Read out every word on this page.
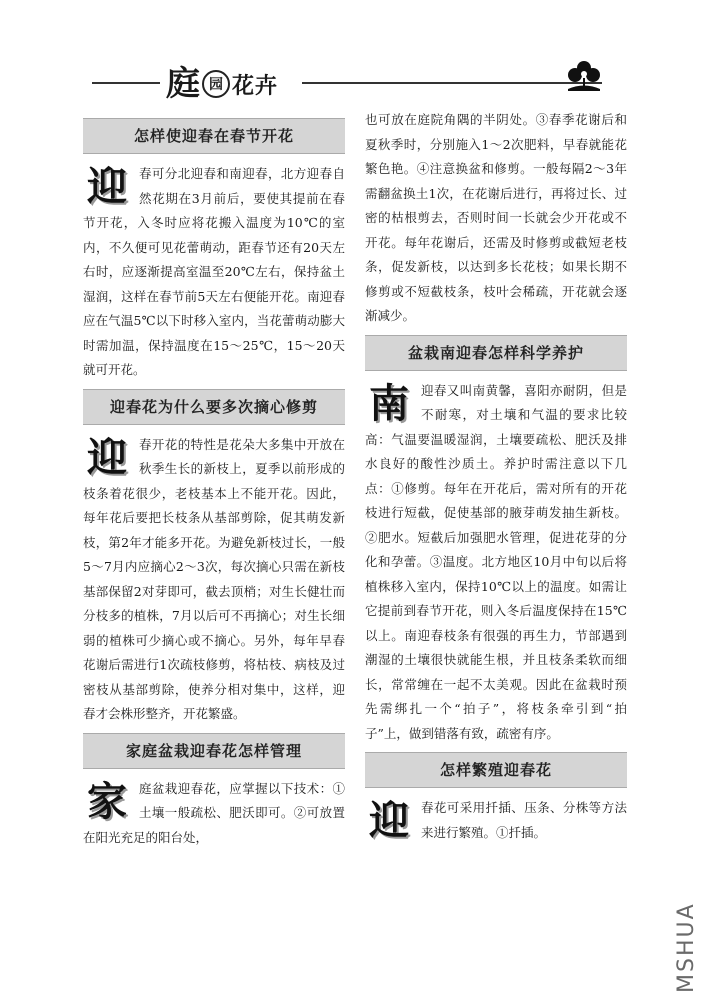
庭 园 花卉
怎样使迎春在春节开花

迎春可分北迎春和南迎春，北方迎春自然花期在3月前后，要使其提前在春节开花，入冬时应将花搬入温度为10℃的室内，不久便可见花蕾萌动，距春节还有20天左右时，应逐渐提高室温至20℃左右，保持盆土湿润，这样在春节前5天左右便能开花。南迎春应在气温5℃以下时移入室内，当花蕾萌动膨大时需加温，保持温度在15～25℃，15～20天就可开花。

迎春花为什么要多次摘心修剪

迎春开花的特性是花朵大多集中开放在秋季生长的新枝上，夏季以前形成的枝条着花很少，老枝基本上不能开花。因此，每年花后要把长枝条从基部剪除，促其萌发新枝，第2年才能多开花。为避免新枝过长，一般5～7月内应摘心2～3次，每次摘心只需在新枝基部保留2对芽即可，截去顶梢；对生长健壮而分枝多的植株，7月以后可不再摘心；对生长细弱的植株可少摘心或不摘心。另外，每年早春花谢后需进行1次疏枝修剪，将枯枝、病枝及过密枝从基部剪除，使养分相对集中，这样，迎春才会株形整齐，开花繁盛。

家庭盆栽迎春花怎样管理

家庭盆栽迎春花，应掌握以下技术：①土壤一般疏松、肥沃即可。②可放置在阳光充足的阳台处，

也可放在庭院角隅的半阴处。③春季花谢后和夏秋季时，分别施入1～2次肥料，早春就能花繁色艳。④注意换盆和修剪。一般每隔2～3年需翻盆换土1次，在花谢后进行，再将过长、过密的枯根剪去，否则时间一长就会少开花或不开花。每年花谢后，还需及时修剪或截短老枝条，促发新枝，以达到多长花枝；如果长期不修剪或不短截枝条，枝叶会稀疏，开花就会逐渐减少。

盆栽南迎春怎样科学养护

南迎春又叫南黄馨，喜阳亦耐阴，但是不耐寒，对土壤和气温的要求比较高：气温要温暖湿润，土壤要疏松、肥沃及排水良好的酸性沙质土。养护时需注意以下几点：①修剪。每年在开花后，需对所有的开花枝进行短截，促使基部的腋芽萌发抽生新枝。②肥水。短截后加强肥水管理，促进花芽的分化和孕蕾。③温度。北方地区10月中旬以后将植株移入室内，保持10℃以上的温度。如需让它提前到春节开花，则入冬后温度保持在15℃以上。南迎春枝条有很强的再生力，节部遇到潮湿的土壤很快就能生根，并且枝条柔软而细长，常常缠在一起不太美观。因此在盆栽时预先需绑扎一个“拍子”，将枝条牵引到“拍子”上，做到错落有致，疏密有序。

怎样繁殖迎春花

迎春花可采用扦插、压条、分株等方法来进行繁殖。①扦插。

MSHUA
